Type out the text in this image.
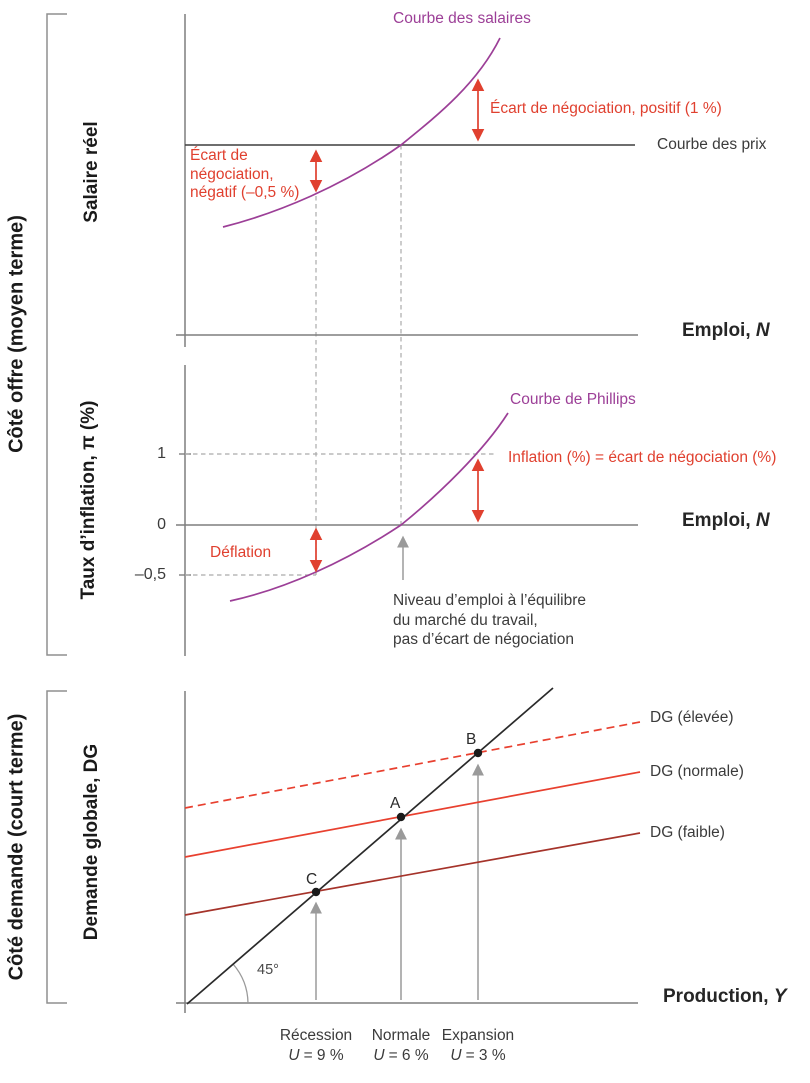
Côté offre (moyen terme)
Côté demande (court terme)
Salaire réel
Taux d’inflation, π (%)
Demande globale, DG
Courbe des salaires
Écart de négociation, positif (1 %)
Écart de
négociation,
négatif (–0,5 %)
Courbe des prix
Emploi, N
Courbe de Phillips
Inflation (%) = écart de négociation (%)
Déflation
1
0
–0,5
Emploi, N
Niveau d’emploi à l’équilibre
du marché du travail,
pas d’écart de négociation
DG (élevée)
DG (normale)
DG (faible)
A
B
C
45°
Production, Y
Récession
U = 9 %
Normale
U = 6 %
Expansion
U = 3 %
